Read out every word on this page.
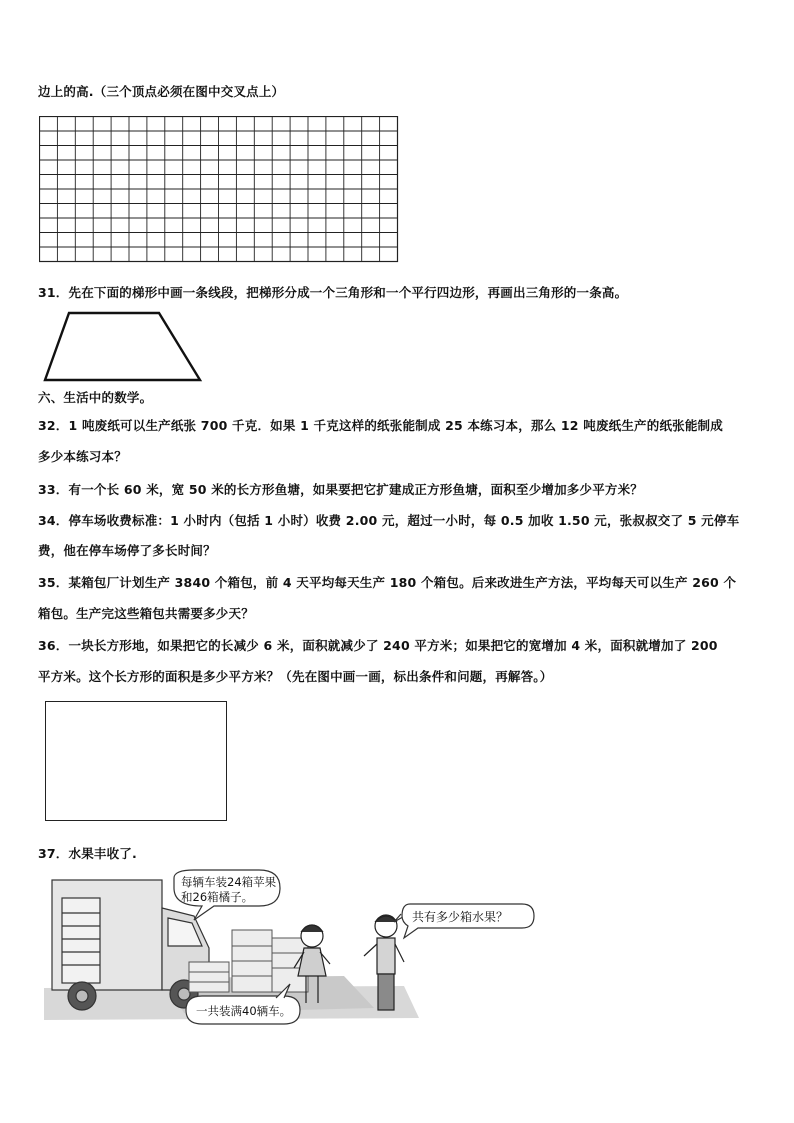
边上的高.（三个顶点必须在图中交叉点上）
31．先在下面的梯形中画一条线段，把梯形分成一个三角形和一个平行四边形，再画出三角形的一条高。
六、生活中的数学。
32．1 吨废纸可以生产纸张 700 千克．如果 1 千克这样的纸张能制成 25 本练习本，那么 12 吨废纸生产的纸张能制成
多少本练习本？
33．有一个长 60 米，宽 50 米的长方形鱼塘，如果要把它扩建成正方形鱼塘，面积至少增加多少平方米？
34．停车场收费标准：1 小时内（包括 1 小时）收费 2.00 元，超过一小时，每 0.5 加收 1.50 元，张叔叔交了 5 元停车
费，他在停车场停了多长时间？
35．某箱包厂计划生产 3840 个箱包，前 4 天平均每天生产 180 个箱包。后来改进生产方法，平均每天可以生产 260 个
箱包。生产完这些箱包共需要多少天？
36．一块长方形地，如果把它的长减少 6 米，面积就减少了 240 平方米；如果把它的宽增加 4 米，面积就增加了 200
平方米。这个长方形的面积是多少平方米？（先在图中画一画，标出条件和问题，再解答。）
37．水果丰收了.
每辆车装24箱苹果
和26箱橘子。
一共装满40辆车。
共有多少箱水果？
